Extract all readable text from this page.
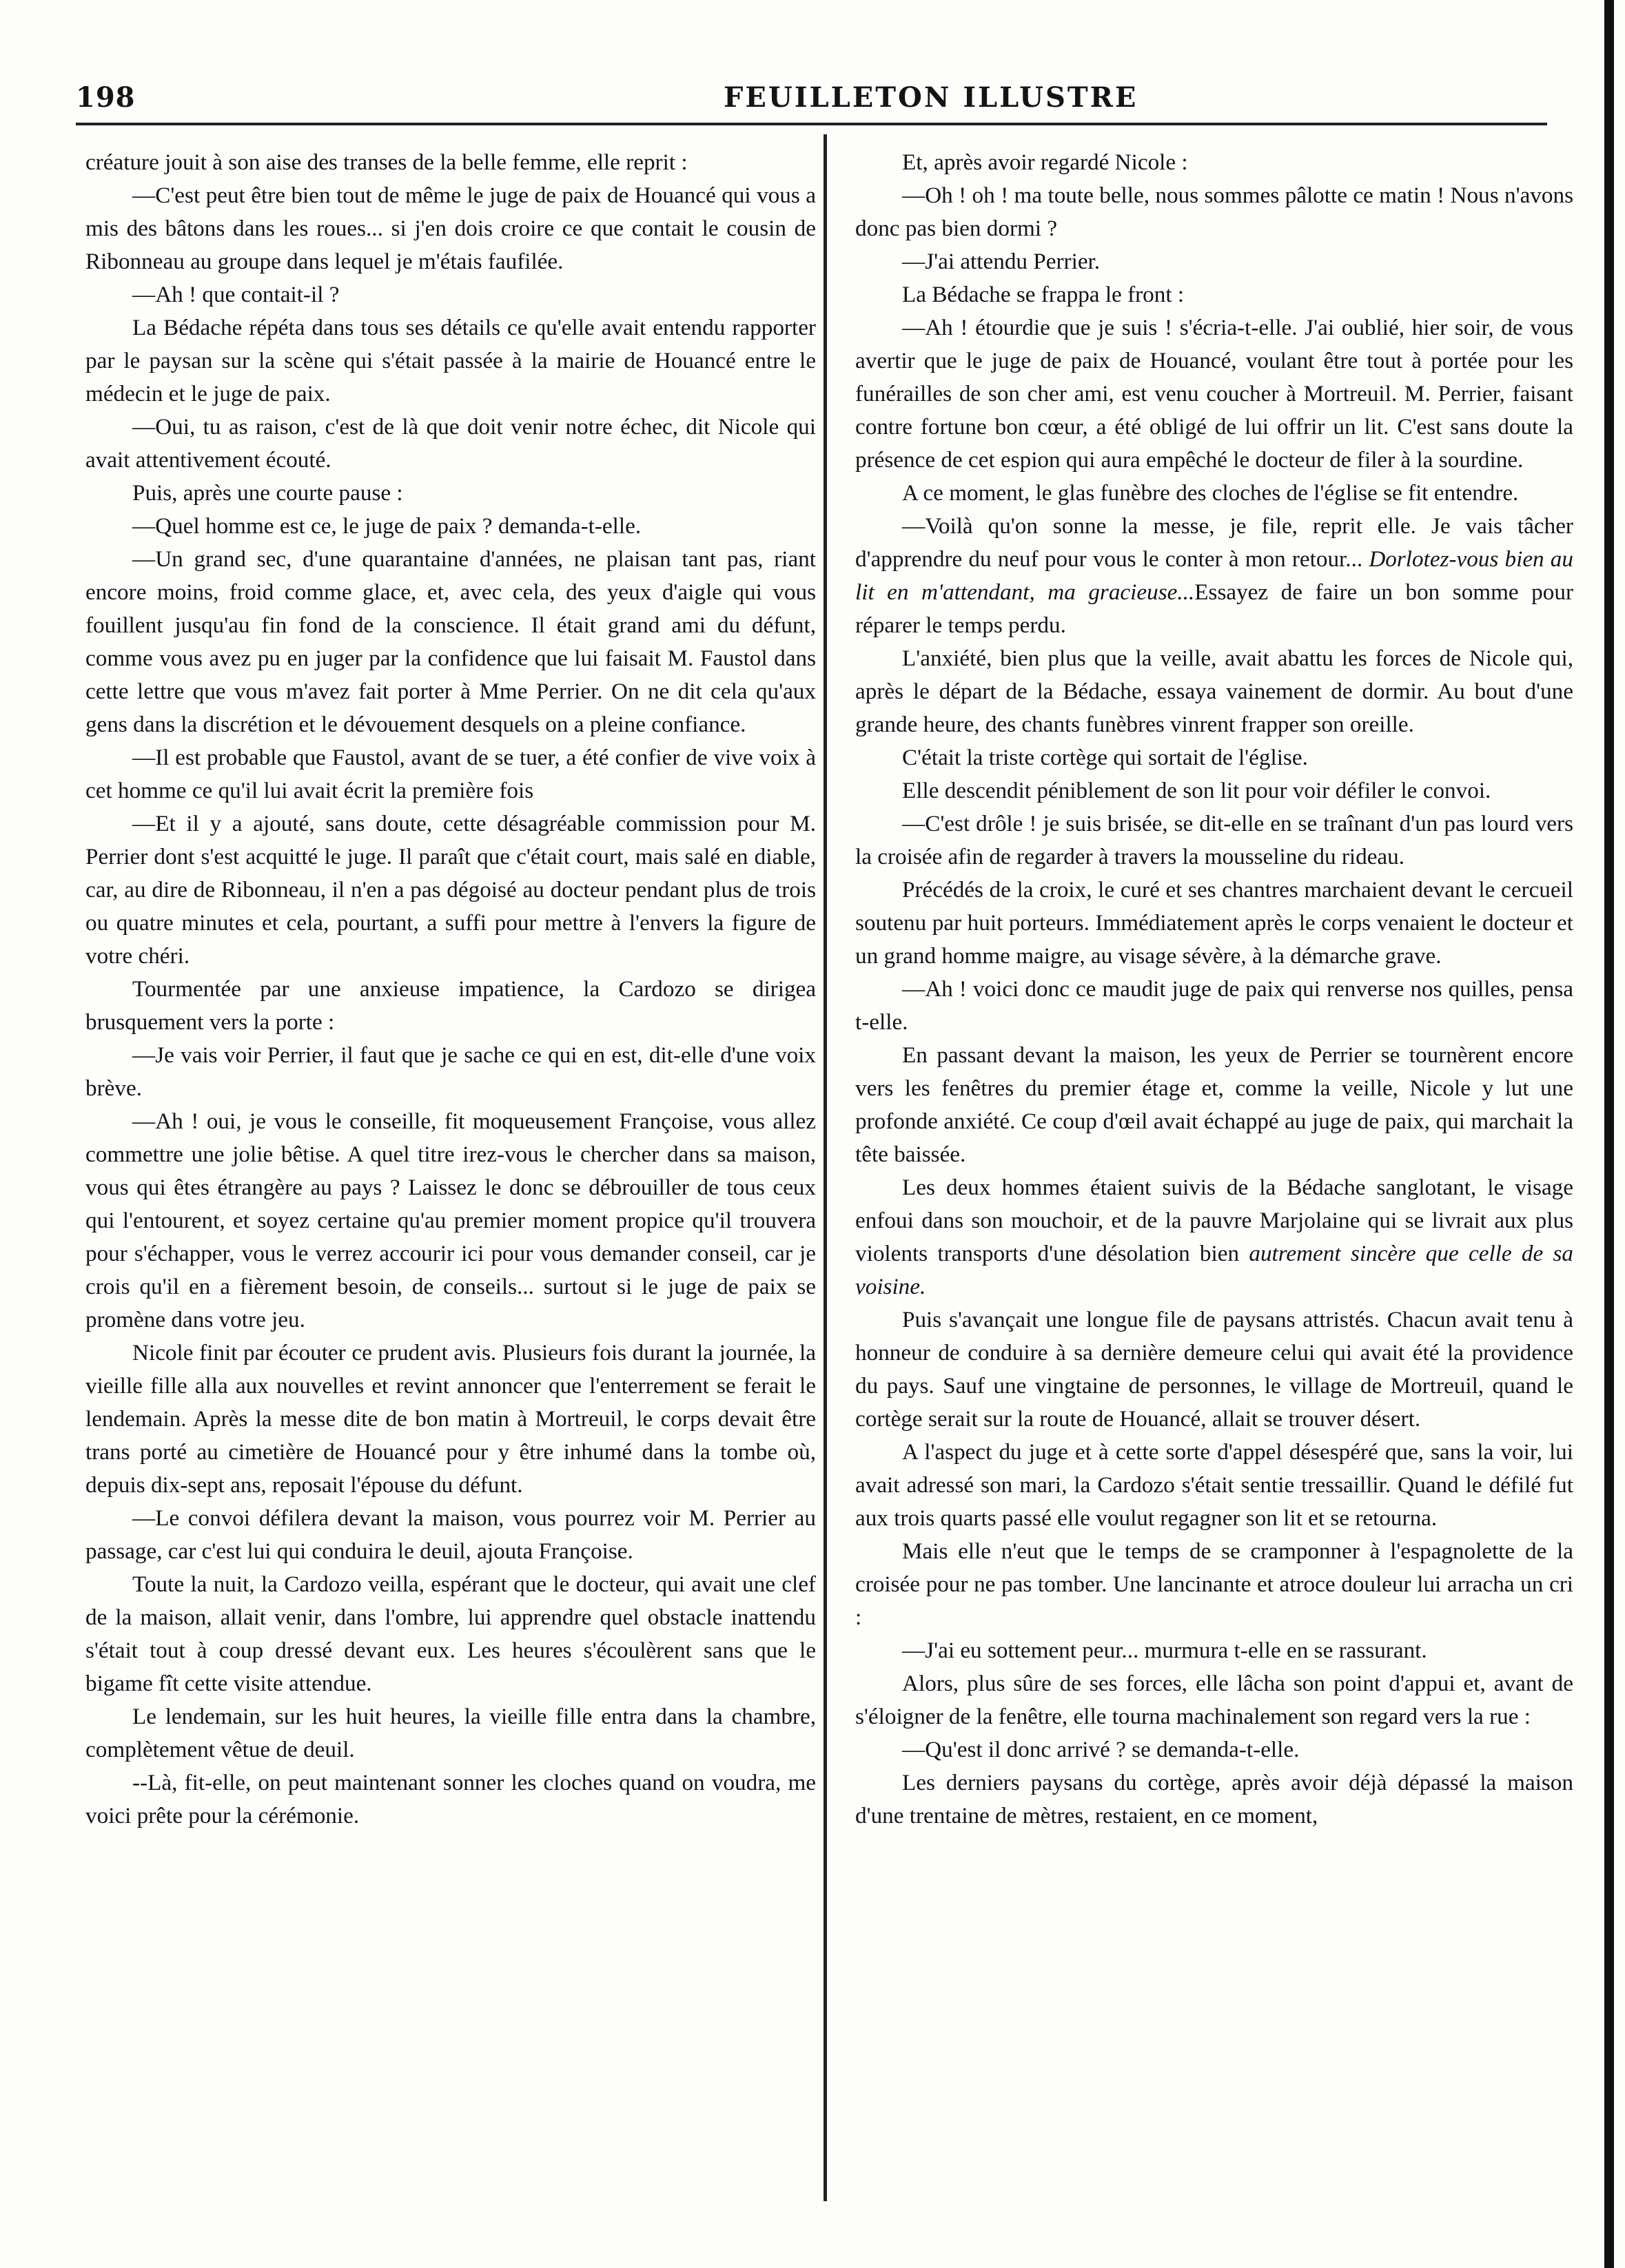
198	FEUILLETON ILLUSTRE

créature jouit à son aise des transes de la belle femme, elle reprit :

—C'est peut être bien tout de même le juge de paix de Houancé qui vous a mis des bâtons dans les roues... si j'en dois croire ce que contait le cousin de Ribonneau au groupe dans lequel je m'étais faufilée.

—Ah ! que contait-il ?

La Bédache répéta dans tous ses détails ce qu'elle avait entendu rapporter par le paysan sur la scène qui s'était passée à la mairie de Houancé entre le médecin et le juge de paix.

—Oui, tu as raison, c'est de là que doit venir notre échec, dit Nicole qui avait attentivement écouté.

Puis, après une courte pause :

—Quel homme est ce, le juge de paix ? demanda-t-elle.

—Un grand sec, d'une quarantaine d'années, ne plaisan tant pas, riant encore moins, froid comme glace, et, avec cela, des yeux d'aigle qui vous fouillent jusqu'au fin fond de la conscience. Il était grand ami du défunt, comme vous avez pu en juger par la confidence que lui faisait M. Faustol dans cette lettre que vous m'avez fait porter à Mme Perrier. On ne dit cela qu'aux gens dans la discrétion et le dévouement desquels on a pleine confiance.

—Il est probable que Faustol, avant de se tuer, a été confier de vive voix à cet homme ce qu'il lui avait écrit la première fois

—Et il y a ajouté, sans doute, cette désagréable commission pour M. Perrier dont s'est acquitté le juge. Il paraît que c'était court, mais salé en diable, car, au dire de Ribonneau, il n'en a pas dégoisé au docteur pendant plus de trois ou quatre minutes et cela, pourtant, a suffi pour mettre à l'envers la figure de votre chéri.

Tourmentée par une anxieuse impatience, la Cardozo se dirigea brusquement vers la porte :

—Je vais voir Perrier, il faut que je sache ce qui en est, dit-elle d'une voix brève.

—Ah ! oui, je vous le conseille, fit moqueusement Françoise, vous allez commettre une jolie bêtise. A quel titre irez-vous le chercher dans sa maison, vous qui êtes étrangère au pays ? Laissez le donc se débrouiller de tous ceux qui l'entourent, et soyez certaine qu'au premier moment propice qu'il trouvera pour s'échapper, vous le verrez accourir ici pour vous demander conseil, car je crois qu'il en a fièrement besoin, de conseils... surtout si le juge de paix se promène dans votre jeu.

Nicole finit par écouter ce prudent avis. Plusieurs fois durant la journée, la vieille fille alla aux nouvelles et revint annoncer que l'enterrement se ferait le lendemain. Après la messe dite de bon matin à Mortreuil, le corps devait être trans porté au cimetière de Houancé pour y être inhumé dans la tombe où, depuis dix-sept ans, reposait l'épouse du défunt.

—Le convoi défilera devant la maison, vous pourrez voir M. Perrier au passage, car c'est lui qui conduira le deuil, ajouta Françoise.

Toute la nuit, la Cardozo veilla, espérant que le docteur, qui avait une clef de la maison, allait venir, dans l'ombre, lui apprendre quel obstacle inattendu s'était tout à coup dressé devant eux. Les heures s'écoulèrent sans que le bigame fît cette visite attendue.

Le lendemain, sur les huit heures, la vieille fille entra dans la chambre, complètement vêtue de deuil.

--Là, fit-elle, on peut maintenant sonner les cloches quand on voudra, me voici prête pour la cérémonie.

Et, après avoir regardé Nicole :

—Oh ! oh ! ma toute belle, nous sommes pâlotte ce matin ! Nous n'avons donc pas bien dormi ?

—J'ai attendu Perrier.

La Bédache se frappa le front :

—Ah ! étourdie que je suis ! s'écria-t-elle. J'ai oublié, hier soir, de vous avertir que le juge de paix de Houancé, voulant être tout à portée pour les funérailles de son cher ami, est venu coucher à Mortreuil. M. Perrier, faisant contre fortune bon cœur, a été obligé de lui offrir un lit. C'est sans doute la présence de cet espion qui aura empêché le docteur de filer à la sourdine.

A ce moment, le glas funèbre des cloches de l'église se fit entendre.

—Voilà qu'on sonne la messe, je file, reprit elle. Je vais tâcher d'apprendre du neuf pour vous le conter à mon retour... Dorlotez-vous bien au lit en m'attendant, ma gracieuse...Essayez de faire un bon somme pour réparer le temps perdu.

L'anxiété, bien plus que la veille, avait abattu les forces de Nicole qui, après le départ de la Bédache, essaya vainement de dormir. Au bout d'une grande heure, des chants funèbres vinrent frapper son oreille.

C'était la triste cortège qui sortait de l'église.

Elle descendit péniblement de son lit pour voir défiler le convoi.

—C'est drôle ! je suis brisée, se dit-elle en se traînant d'un pas lourd vers la croisée afin de regarder à travers la mousseline du rideau.

Précédés de la croix, le curé et ses chantres marchaient devant le cercueil soutenu par huit porteurs. Immédiatement après le corps venaient le docteur et un grand homme maigre, au visage sévère, à la démarche grave.

—Ah ! voici donc ce maudit juge de paix qui renverse nos quilles, pensa t-elle.

En passant devant la maison, les yeux de Perrier se tournèrent encore vers les fenêtres du premier étage et, comme la veille, Nicole y lut une profonde anxiété. Ce coup d'œil avait échappé au juge de paix, qui marchait la tête baissée.

Les deux hommes étaient suivis de la Bédache sanglotant, le visage enfoui dans son mouchoir, et de la pauvre Marjolaine qui se livrait aux plus violents transports d'une désolation bien autrement sincère que celle de sa voisine.

Puis s'avançait une longue file de paysans attristés. Chacun avait tenu à honneur de conduire à sa dernière demeure celui qui avait été la providence du pays. Sauf une vingtaine de personnes, le village de Mortreuil, quand le cortège serait sur la route de Houancé, allait se trouver désert.

A l'aspect du juge et à cette sorte d'appel désespéré que, sans la voir, lui avait adressé son mari, la Cardozo s'était sentie tressaillir. Quand le défilé fut aux trois quarts passé elle voulut regagner son lit et se retourna.

Mais elle n'eut que le temps de se cramponner à l'espagnolette de la croisée pour ne pas tomber. Une lancinante et atroce douleur lui arracha un cri :

—J'ai eu sottement peur... murmura t-elle en se rassurant.

Alors, plus sûre de ses forces, elle lâcha son point d'appui et, avant de s'éloigner de la fenêtre, elle tourna machinalement son regard vers la rue :

—Qu'est il donc arrivé ? se demanda-t-elle.

Les derniers paysans du cortège, après avoir déjà dépassé la maison d'une trentaine de mètres, restaient, en ce moment,
